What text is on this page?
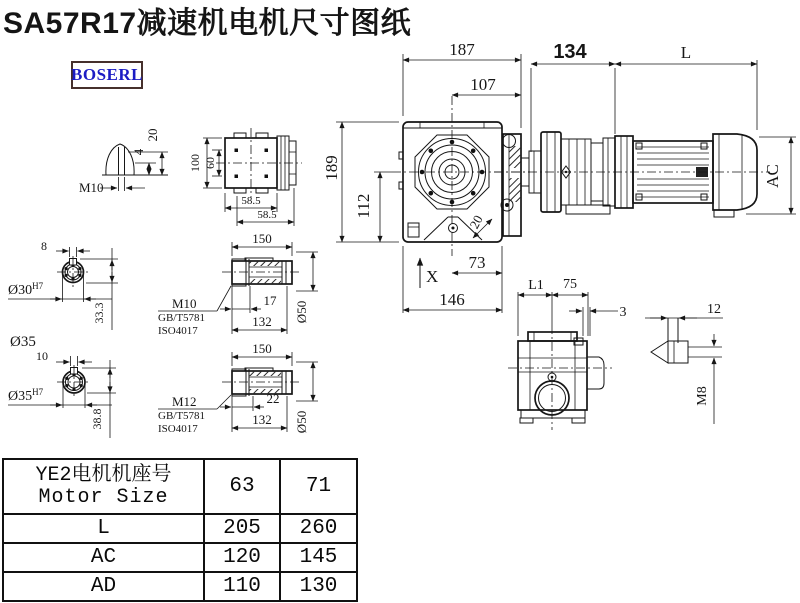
SA57R17减速机电机尺寸图纸
BOSERL
20
4
M10
100 60
58.5
58.5
187
107
189
112
20
X
73
146
134	L
AC
8
$Ø30^{H7}$
33.3
Ø35
10
$Ø35^{H7}$
38.8
150
Ø50
17
132
M10
GB/T5781
ISO4017
150
Ø50
22
132
M12
GB/T5781
ISO4017
L1 75
3	12
M8
YE2电机机座号
Motor Size	63	71
L	205	260
AC	120	145
AD	110	130
